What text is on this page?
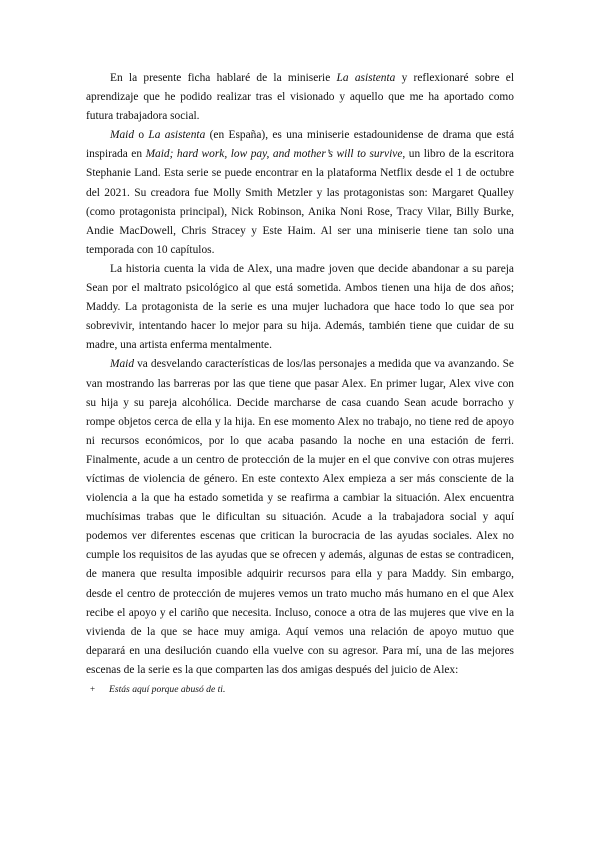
En la presente ficha hablaré de la miniserie La asistenta y reflexionaré sobre el aprendizaje que he podido realizar tras el visionado y aquello que me ha aportado como futura trabajadora social.

Maid o La asistenta (en España), es una miniserie estadounidense de drama que está inspirada en Maid; hard work, low pay, and mother’s will to survive, un libro de la escritora Stephanie Land. Esta serie se puede encontrar en la plataforma Netflix desde el 1 de octubre del 2021. Su creadora fue Molly Smith Metzler y las protagonistas son: Margaret Qualley (como protagonista principal), Nick Robinson, Anika Noni Rose, Tracy Vilar, Billy Burke, Andie MacDowell, Chris Stracey y Este Haim. Al ser una miniserie tiene tan solo una temporada con 10 capítulos.

La historia cuenta la vida de Alex, una madre joven que decide abandonar a su pareja Sean por el maltrato psicológico al que está sometida. Ambos tienen una hija de dos años; Maddy. La protagonista de la serie es una mujer luchadora que hace todo lo que sea por sobrevivir, intentando hacer lo mejor para su hija. Además, también tiene que cuidar de su madre, una artista enferma mentalmente.

Maid va desvelando características de los/las personajes a medida que va avanzando. Se van mostrando las barreras por las que tiene que pasar Alex. En primer lugar, Alex vive con su hija y su pareja alcohólica. Decide marcharse de casa cuando Sean acude borracho y rompe objetos cerca de ella y la hija. En ese momento Alex no trabajo, no tiene red de apoyo ni recursos económicos, por lo que acaba pasando la noche en una estación de ferri. Finalmente, acude a un centro de protección de la mujer en el que convive con otras mujeres víctimas de violencia de género. En este contexto Alex empieza a ser más consciente de la violencia a la que ha estado sometida y se reafirma a cambiar la situación. Alex encuentra muchísimas trabas que le dificultan su situación. Acude a la trabajadora social y aquí podemos ver diferentes escenas que critican la burocracia de las ayudas sociales. Alex no cumple los requisitos de las ayudas que se ofrecen y además, algunas de estas se contradicen, de manera que resulta imposible adquirir recursos para ella y para Maddy. Sin embargo, desde el centro de protección de mujeres vemos un trato mucho más humano en el que Alex recibe el apoyo y el cariño que necesita. Incluso, conoce a otra de las mujeres que vive en la vivienda de la que se hace muy amiga. Aquí vemos una relación de apoyo mutuo que deparará en una desilución cuando ella vuelve con su agresor. Para mí, una de las mejores escenas de la serie es la que comparten las dos amigas después del juicio de Alex:

+ Estás aquí porque abusó de ti.
